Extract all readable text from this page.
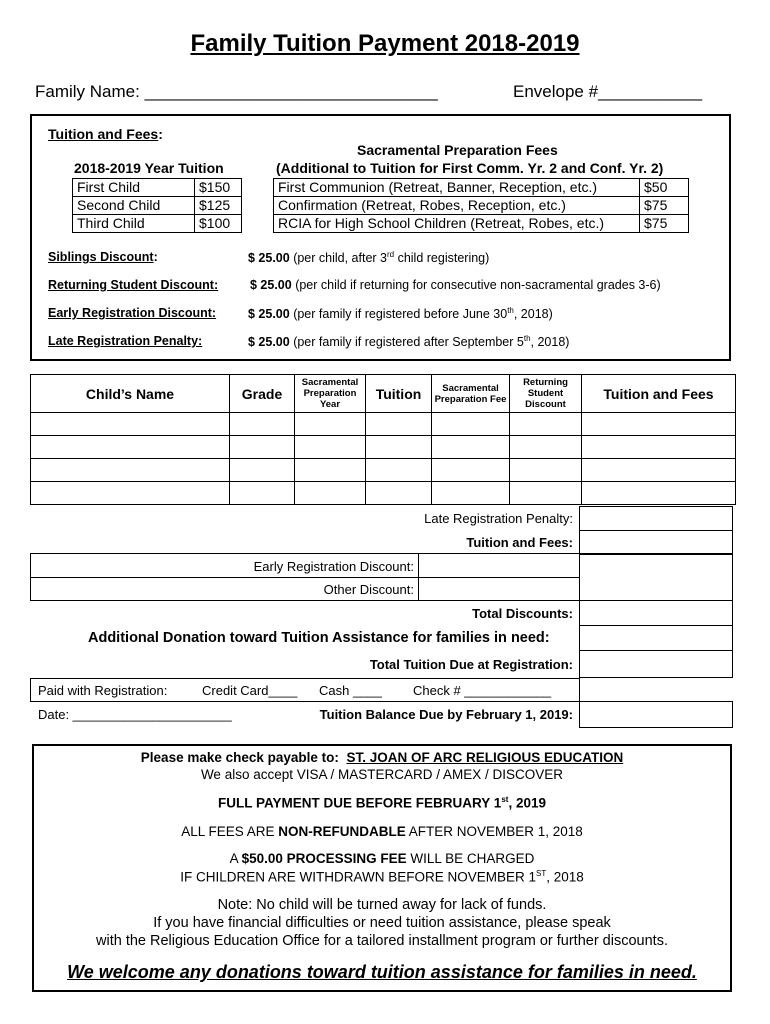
Family Tuition Payment 2018-2019
Family Name: _______________________________	Envelope #___________
Tuition and Fees:
2018-2019 Year Tuition
First Child	$150
Second Child	$125
Third Child	$100
Sacramental Preparation Fees
(Additional to Tuition for First Comm. Yr. 2 and Conf. Yr. 2)
First Communion (Retreat, Banner, Reception, etc.)	$50
Confirmation (Retreat, Robes, Reception, etc.)	$75
RCIA for High School Children (Retreat, Robes, etc.)	$75
Siblings Discount:	$ 25.00 (per child, after 3rd child registering)
Returning Student Discount:	$ 25.00 (per child if returning for consecutive non-sacramental grades 3-6)
Early Registration Discount:	$ 25.00 (per family if registered before June 30th, 2018)
Late Registration Penalty:	$ 25.00 (per family if registered after September 5th, 2018)
Child’s Name	Grade	Sacramental Preparation Year	Tuition	Sacramental Preparation Fee	Returning Student Discount	Tuition and Fees

Late Registration Penalty:
Tuition and Fees:
Early Registration Discount:
Other Discount:
Total Discounts:
Additional Donation toward Tuition Assistance for families in need:
Total Tuition Due at Registration:
Paid with Registration:	Credit Card____ Cash ____ Check # ____________
Date: ______________________	Tuition Balance Due by February 1, 2019:
Please make check payable to: ST. JOAN OF ARC RELIGIOUS EDUCATION
We also accept VISA / MASTERCARD / AMEX / DISCOVER
FULL PAYMENT DUE BEFORE FEBRUARY 1st, 2019
ALL FEES ARE NON-REFUNDABLE AFTER NOVEMBER 1, 2018
A $50.00 PROCESSING FEE WILL BE CHARGED
IF CHILDREN ARE WITHDRAWN BEFORE NOVEMBER 1ST, 2018
Note: No child will be turned away for lack of funds.
If you have financial difficulties or need tuition assistance, please speak
with the Religious Education Office for a tailored installment program or further discounts.
We welcome any donations toward tuition assistance for families in need.
